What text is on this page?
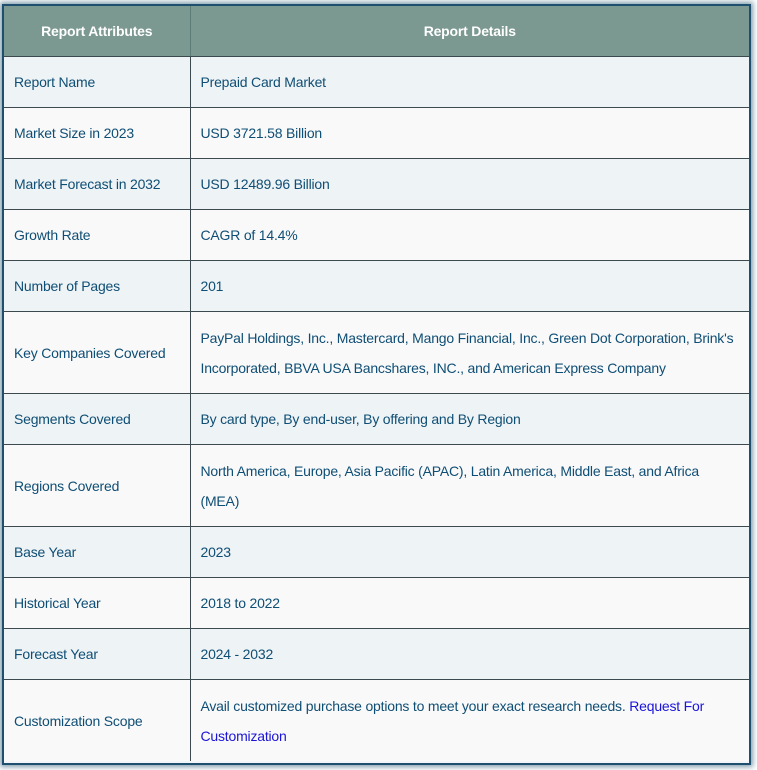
Report Attributes	Report Details
Report Name	Prepaid Card Market
Market Size in 2023	USD 3721.58 Billion
Market Forecast in 2032	USD 12489.96 Billion
Growth Rate	CAGR of 14.4%
Number of Pages	201
Key Companies Covered	PayPal Holdings, Inc., Mastercard, Mango Financial, Inc., Green Dot Corporation, Brink's Incorporated, BBVA USA Bancshares, INC., and American Express Company
Segments Covered	By card type, By end-user, By offering and By Region
Regions Covered	North America, Europe, Asia Pacific (APAC), Latin America, Middle East, and Africa (MEA)
Base Year	2023
Historical Year	2018 to 2022
Forecast Year	2024 - 2032
Customization Scope	Avail customized purchase options to meet your exact research needs. Request For Customization
